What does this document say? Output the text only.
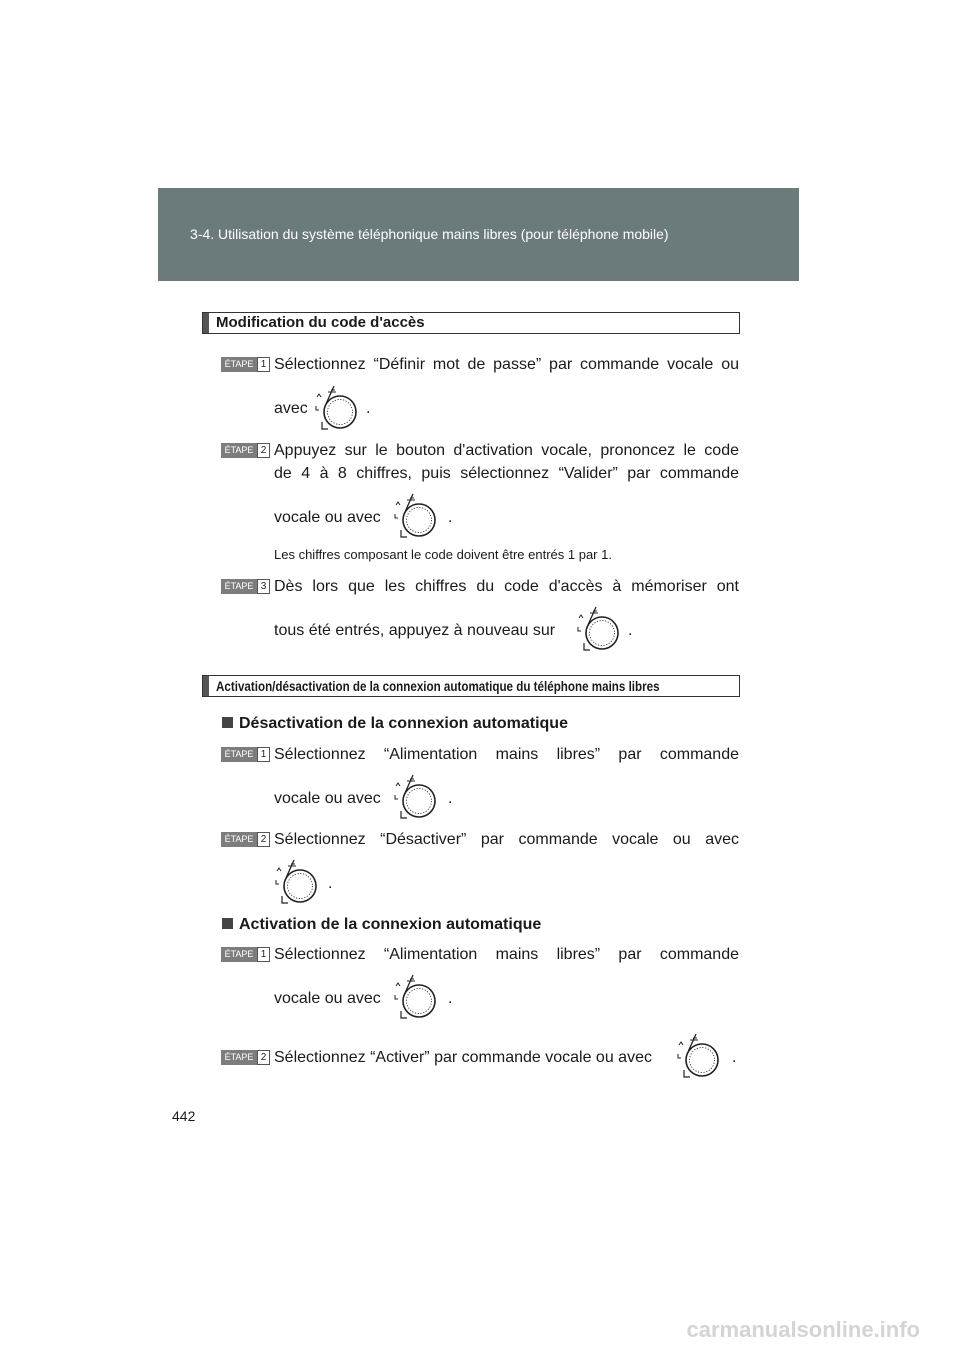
3-4. Utilisation du système téléphonique mains libres (pour téléphone mobile)
Modification du code d'accès
ÉTAPE 1 Sélectionnez “Définir mot de passe” par commande vocale ou
avec	.
ÉTAPE 2 Appuyez sur le bouton d'activation vocale, prononcez le code
de 4 à 8 chiffres, puis sélectionnez “Valider” par commande
vocale ou avec	.
Les chiffres composant le code doivent être entrés 1 par 1.
ÉTAPE 3 Dès lors que les chiffres du code d'accès à mémoriser ont
tous été entrés, appuyez à nouveau sur	.
Activation/désactivation de la connexion automatique du téléphone mains libres
Désactivation de la connexion automatique
ÉTAPE 1 Sélectionnez “Alimentation mains libres” par commande
vocale ou avec	.
ÉTAPE 2 Sélectionnez “Désactiver” par commande vocale ou avec
.
Activation de la connexion automatique
ÉTAPE 1 Sélectionnez “Alimentation mains libres” par commande
vocale ou avec	.
ÉTAPE 2 Sélectionnez “Activer” par commande vocale ou avec	.
442
carmanualsonline.info
